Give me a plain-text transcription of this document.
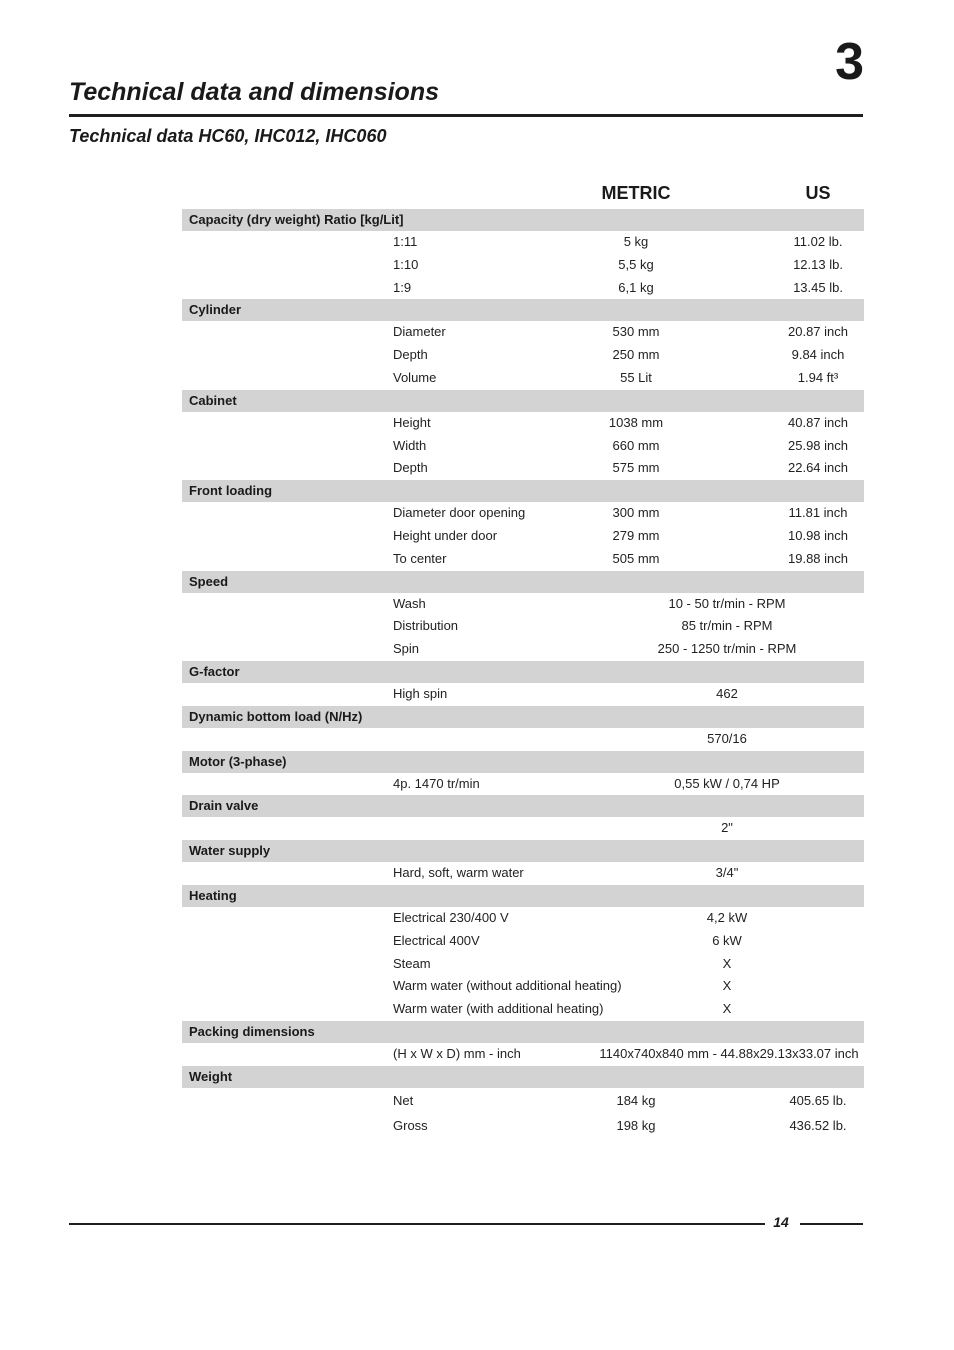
3
Technical data and dimensions
Technical data HC60, IHC012, IHC060
METRIC	US
Capacity (dry weight) Ratio [kg/Lit]
1:11	5 kg	11.02 lb.
1:10	5,5 kg	12.13 lb.
1:9	6,1 kg	13.45 lb.
Cylinder
Diameter	530 mm	20.87 inch
Depth	250 mm	9.84 inch
Volume	55 Lit	1.94 ft³
Cabinet
Height	1038 mm	40.87 inch
Width	660 mm	25.98 inch
Depth	575 mm	22.64 inch
Front loading
Diameter door opening	300 mm	11.81 inch
Height under door	279 mm	10.98 inch
To center	505 mm	19.88 inch
Speed
Wash	10 - 50 tr/min - RPM
Distribution	85 tr/min - RPM
Spin	250 - 1250 tr/min - RPM
G-factor
High spin	462
Dynamic bottom load (N/Hz)
570/16
Motor (3-phase)
4p. 1470 tr/min	0,55 kW / 0,74 HP
Drain valve
2"
Water supply
Hard, soft, warm water	3/4"
Heating
Electrical 230/400 V	4,2 kW
Electrical 400V	6 kW
Steam	X
Warm water (without additional heating)	X
Warm water (with additional heating)	X
Packing dimensions
(H x W x D) mm - inch	1140x740x840 mm - 44.88x29.13x33.07 inch
Weight
Net	184 kg	405.65 lb.
Gross	198 kg	436.52 lb.
14
